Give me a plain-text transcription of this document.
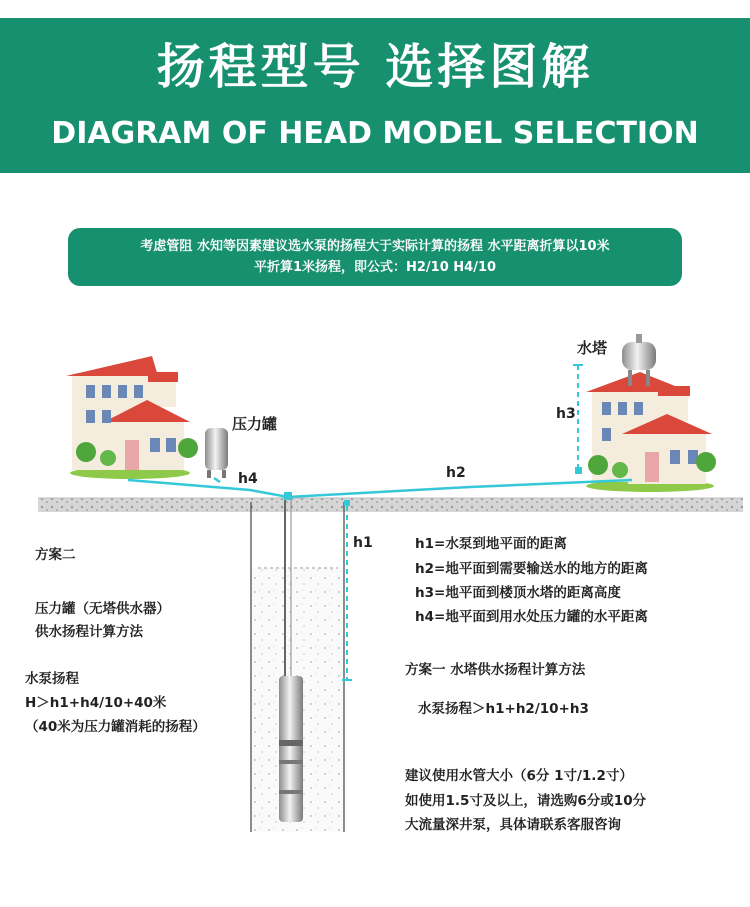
扬程型号 选择图解
DIAGRAM OF HEAD MODEL SELECTION
考虑管阻 水知等因素建议选水泵的扬程大于实际计算的扬程 水平距离折算以10米
平折算1米扬程，即公式：H2/10 H4/10
压力罐
水塔
h1
h2
h3
h4
h1=水泵到地平面的距离
h2=地平面到需要输送水的地方的距离
h3=地平面到楼顶水塔的距离高度
h4=地平面到用水处压力罐的水平距离
方案一 水塔供水扬程计算方法
水泵扬程＞h1+h2/10+h3
建议使用水管大小（6分 1寸/1.2寸）
如使用1.5寸及以上，请选购6分或10分
大流量深井泵，具体请联系客服咨询
方案二
压力罐（无塔供水器）
供水扬程计算方法
水泵扬程
H＞h1+h4/10+40米
（40米为压力罐消耗的扬程）
